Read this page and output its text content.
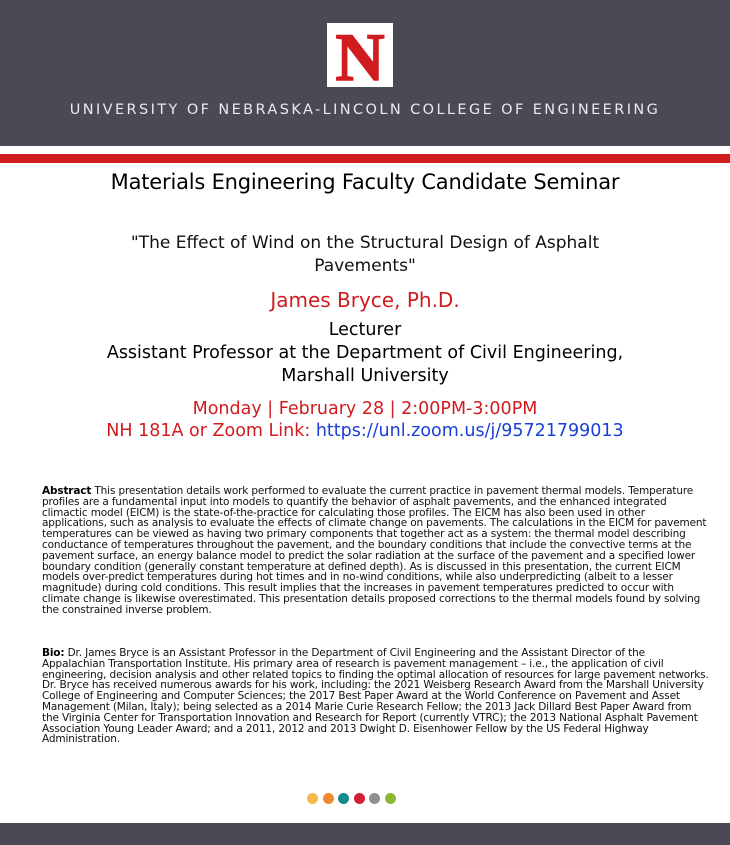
N
UNIVERSITY OF NEBRASKA-LINCOLN COLLEGE OF ENGINEERING
Materials Engineering Faculty Candidate Seminar
"The Effect of Wind on the Structural Design of Asphalt Pavements"
James Bryce, Ph.D.
Lecturer
Assistant Professor at the Department of Civil Engineering,
Marshall University
Monday | February 28 | 2:00PM-3:00PM
NH 181A or Zoom Link: https://unl.zoom.us/j/95721799013
Abstract This presentation details work performed to evaluate the current practice in pavement thermal models. Temperature profiles are a fundamental input into models to quantify the behavior of asphalt pavements, and the enhanced integrated climactic model (EICM) is the state-of-the-practice for calculating those profiles. The EICM has also been used in other applications, such as analysis to evaluate the effects of climate change on pavements. The calculations in the EICM for pavement temperatures can be viewed as having two primary components that together act as a system: the thermal model describing conductance of temperatures throughout the pavement, and the boundary conditions that include the convective terms at the pavement surface, an energy balance model to predict the solar radiation at the surface of the pavement and a specified lower boundary condition (generally constant temperature at defined depth). As is discussed in this presentation, the current EICM models over-predict temperatures during hot times and in no-wind conditions, while also underpredicting (albeit to a lesser magnitude) during cold conditions. This result implies that the increases in pavement temperatures predicted to occur with climate change is likewise overestimated. This presentation details proposed corrections to the thermal models found by solving the constrained inverse problem.
Bio: Dr. James Bryce is an Assistant Professor in the Department of Civil Engineering and the Assistant Director of the Appalachian Transportation Institute. His primary area of research is pavement management – i.e., the application of civil engineering, decision analysis and other related topics to finding the optimal allocation of resources for large pavement networks. Dr. Bryce has received numerous awards for his work, including: the 2021 Weisberg Research Award from the Marshall University College of Engineering and Computer Sciences; the 2017 Best Paper Award at the World Conference on Pavement and Asset Management (Milan, Italy); being selected as a 2014 Marie Curie Research Fellow; the 2013 Jack Dillard Best Paper Award from the Virginia Center for Transportation Innovation and Research for Report (currently VTRC); the 2013 National Asphalt Pavement Association Young Leader Award; and a 2011, 2012 and 2013 Dwight D. Eisenhower Fellow by the US Federal Highway Administration.
